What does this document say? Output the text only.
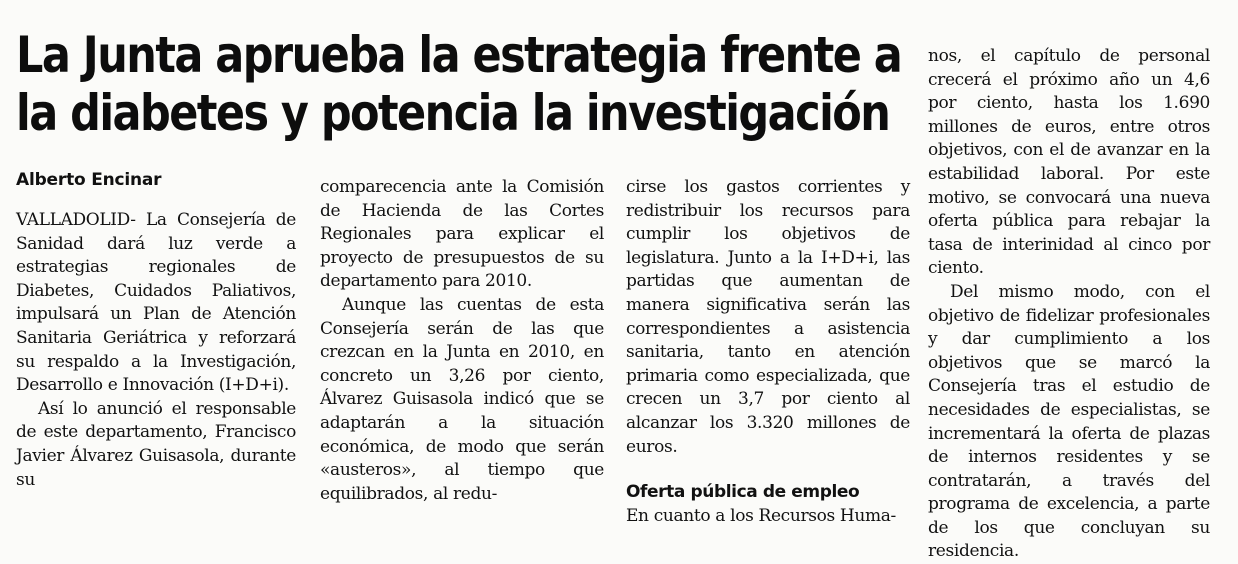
La Junta aprueba la estrategia frente a
la diabetes y potencia la investigación
Alberto Encinar

VALLADOLID- La Consejería de Sanidad dará luz verde a estrategias regionales de Diabetes, Cuidados Paliativos, impulsará un Plan de Atención Sanitaria Geriátrica y reforzará su respaldo a la Investigación, Desarrollo e Innovación (I+D+i).

Así lo anunció el responsable de este departamento, Francisco Javier Álvarez Guisasola, durante su

comparecencia ante la Comisión de Hacienda de las Cortes Regionales para explicar el proyecto de presupuestos de su departamento para 2010.

Aunque las cuentas de esta Consejería serán de las que crezcan en la Junta en 2010, en concreto un 3,26 por ciento, Álvarez Guisasola indicó que se adaptarán a la situación económica, de modo que serán «austeros», al tiempo que equilibrados, al redu-

cirse los gastos corrientes y redistribuir los recursos para cumplir los objetivos de legislatura. Junto a la I+D+i, las partidas que aumentan de manera significativa serán las correspondientes a asistencia sanitaria, tanto en atención primaria como especializada, que crecen un 3,7 por ciento al alcanzar los 3.320 millones de euros.

Oferta pública de empleo

En cuanto a los Recursos Huma-

nos, el capítulo de personal crecerá el próximo año un 4,6 por ciento, hasta los 1.690 millones de euros, entre otros objetivos, con el de avanzar en la estabilidad laboral. Por este motivo, se convocará una nueva oferta pública para rebajar la tasa de interinidad al cinco por ciento.

Del mismo modo, con el objetivo de fidelizar profesionales y dar cumplimiento a los objetivos que se marcó la Consejería tras el estudio de necesidades de especialistas, se incrementará la oferta de plazas de internos residentes y se contratarán, a través del programa de excelencia, a parte de los que concluyan su residencia.
